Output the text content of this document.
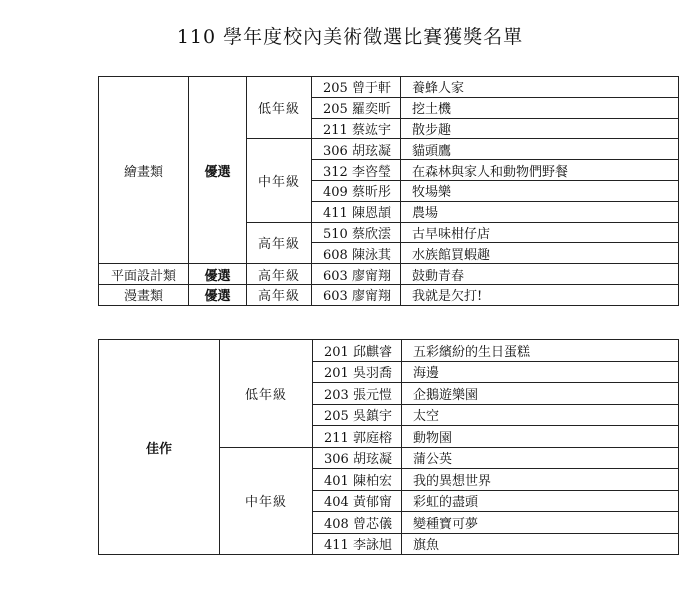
110 學年度校內美術徵選比賽獲獎名單
繪畫類	優選	低年級	205 曾于軒	養蜂人家
			205 羅奕昕	挖土機
			211 蔡竑宇	散步趣
		中年級	306 胡玹凝	貓頭鷹
			312 李咨瑩	在森林與家人和動物們野餐
			409 蔡昕彤	牧場樂
			411 陳恩頡	農場
		高年級	510 蔡欣澐	古早味柑仔店
			608 陳泳萁	水族館買蝦趣
平面設計類	優選	高年級	603 廖甯翔	鼓動青春
漫畫類	優選	高年級	603 廖甯翔	我就是欠打!
佳作	低年級	201 邱麒睿	五彩繽紛的生日蛋糕
		201 吳羽喬	海邊
		203 張元愷	企鵝遊樂園
		205 吳鎮宇	太空
		211 郭庭榕	動物園
	中年級	306 胡玹凝	蒲公英
		401 陳柏宏	我的異想世界
		404 黃郁甯	彩虹的盡頭
		408 曾芯儀	變種寶可夢
		411 李詠旭	旗魚
